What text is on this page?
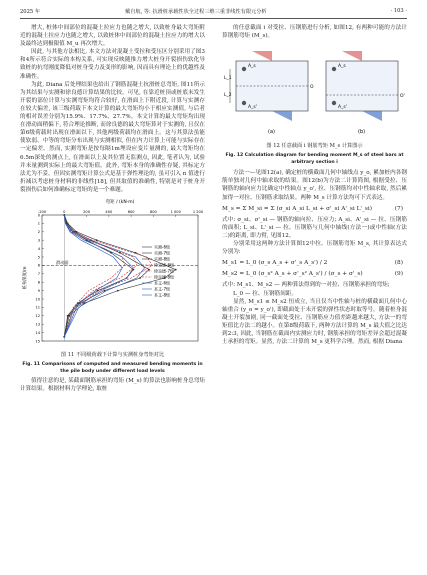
2025 年	戴自航, 等: 抗滑桩承载性状全过程三维三重非线性有限元分析	· 103 ·

增大, 桩体中间部位的混凝土拉应力也随之增大, 以致桩身最大弯矩附近的混凝土拉应力也随之增大, 以致桩体中间部位的混凝土拉应力的增大以及最终达到极限值 M_u 再次增大。

因此, 与其他方法相比, 本文方法对混凝土受拉和受压区分别采用了图3和4所示符合实际的本构关系, 可实现反映随推力增大桩身开裂损伤软化导致桩的抗弯刚度降低对桩身受力及变形的影响, 因而具有理论上的优越性及准确性。

为此, Diana 后处理结果也给出了钢筋混凝土抗滑桩总弯矩, 图11所示为其结果与实测和徐良德计算结果的比较。可见, 在靠近桩顶或桩底未发生开裂的部位计算与实测弯矩均符合较好, 在滑面上下附近段, 计算与实测存在较大偏差, 该三级荷载下本文计算的最大弯矩均小于相应实测值, 与后者的相对误差分别为15.9%、17.7%、27.7%。本文计算的最大弯矩均出现在滑动面稍偏下, 符合理论推断, 而徐良德的最大弯矩算对于实测的, 且仅在第6级荷载时出现在滑面以下, 其他两级荷载均在滑面上。这与其算法虽能使软弱、中等的弯矩分布出现与实测相似, 但在内力计算上可能与实际存在一定偏差。然而, 实测弯矩是按每隔1m埋设应变片量测的, 最大弯矩均在6.5m深处的测点上, 在滑面以上及其位置无监测点, 因此, 笔者认为, 试验并未量测到实际上的最大弯矩值。此外, 弯矩本身的准确性存疑, 其标定方法尤为不妥。但因实测弯矩计算公式是基于弹性理论的, 虽可引入 n 值进行折减以考虑桩身材料的非线性[18], 但其取值的准确性, 特别是对于桩身开裂损伤后如何准确标定弯矩的是一个难题。

弯矩 / (kN·m)
-200	0	200	400	600	800	1 000	1 200
0
1
2
3
4
5
6
7
8
9
10
11
12
13
14
15
桩身深度/m
滑动面
实测-6级
实测-7级
实测-8级
徐良德-6级
徐良德-7级
徐良德-8级
本文-6级
本文-7级
本文-8级
图 11 不同级荷载下计算与实测桩身弯矩对比
Fig. 11 Comparisons of computed and measured bending moments in the pile body under different load levels

值得注意的是, 某截面钢筋承担的弯矩 (M_s) 的算法也影响桩身总弯矩计算结果。根据材料力学理论, 取桩

的任意截面 i 对受拉、压钢筋进行分析, 如图12, 有两种可能的方法计算钢筋弯矩 (M_s)。

L_1
L_2
A_s
A_s'
O
(a)
A_s
A_s'
O'
(b)
图 12 任意截面 i 钢筋弯矩 M_s 计算图示
Fig. 12 Calculation diagram for bending moment M_s of steel bars at arbitrary section i

方法一—见图12(a), 确定桩的横截面几何中轴线点 y_o, 累加桩内各钢筋单独对几何中轴求取的结果。图12(b)为方法二计算简图, 根据受拉、压钢筋的轴向应力比确定中性轴点 y_o', 拉、压钢筋均对中性轴求取, 然后累加得一对拉、压钢筋求取结果。两种 M_s 计算方法均可下式表达。

M_s = Σ M_si = Σ (σ_si A_si L_si + σ'_si A'_si L'_si)	(7)

式中: σ_si、σ'_si — 钢筋的轴向拉、压应力; A_si、A'_si — 拉、压钢筋的面积; L_si、L'_si — 拉、压钢筋与几何中轴线(方法一)或中性轴(方法二)的距离, 即力臂, 见图12。

分别采用这两种方法计算图12中拉、压钢筋弯矩 M_s, 其计算表达式分别为:

M_s1 = L_0 (σ_s A_s + σ'_s A_s') / 2	(8)
M_s2 = L_0 (σ_s² A_s + σ'_s² A_s') / (σ_s + σ'_s)	(9)

式中: M_s1、M_s2 — 两种算法得到的一对拉、压钢筋承担的弯矩;

L_0 — 拉、压钢筋间距。

显然, M_s1 ≤ M_s2 恒成立, 当且仅当中性轴与桩的横截面几何中心轴重合 (y_o = y_o'), 即截面处于未开裂的弹性状态时取等号。随着桩身混凝土开裂加剧, 同一截面处受拉、压钢筋应力值差距越来越大, 方法一的弯矩值比方法二的越小。在第8级荷载下, 两种方法计算的 M_s 最大值之比达到2:3, 因此, 当钢筋在截面内实测应力时, 钢筋承担的弯矩差异会超过混凝土承担的弯矩。显然, 方法二计算的 M_s 更科学合理。然而, 根据 Diana
